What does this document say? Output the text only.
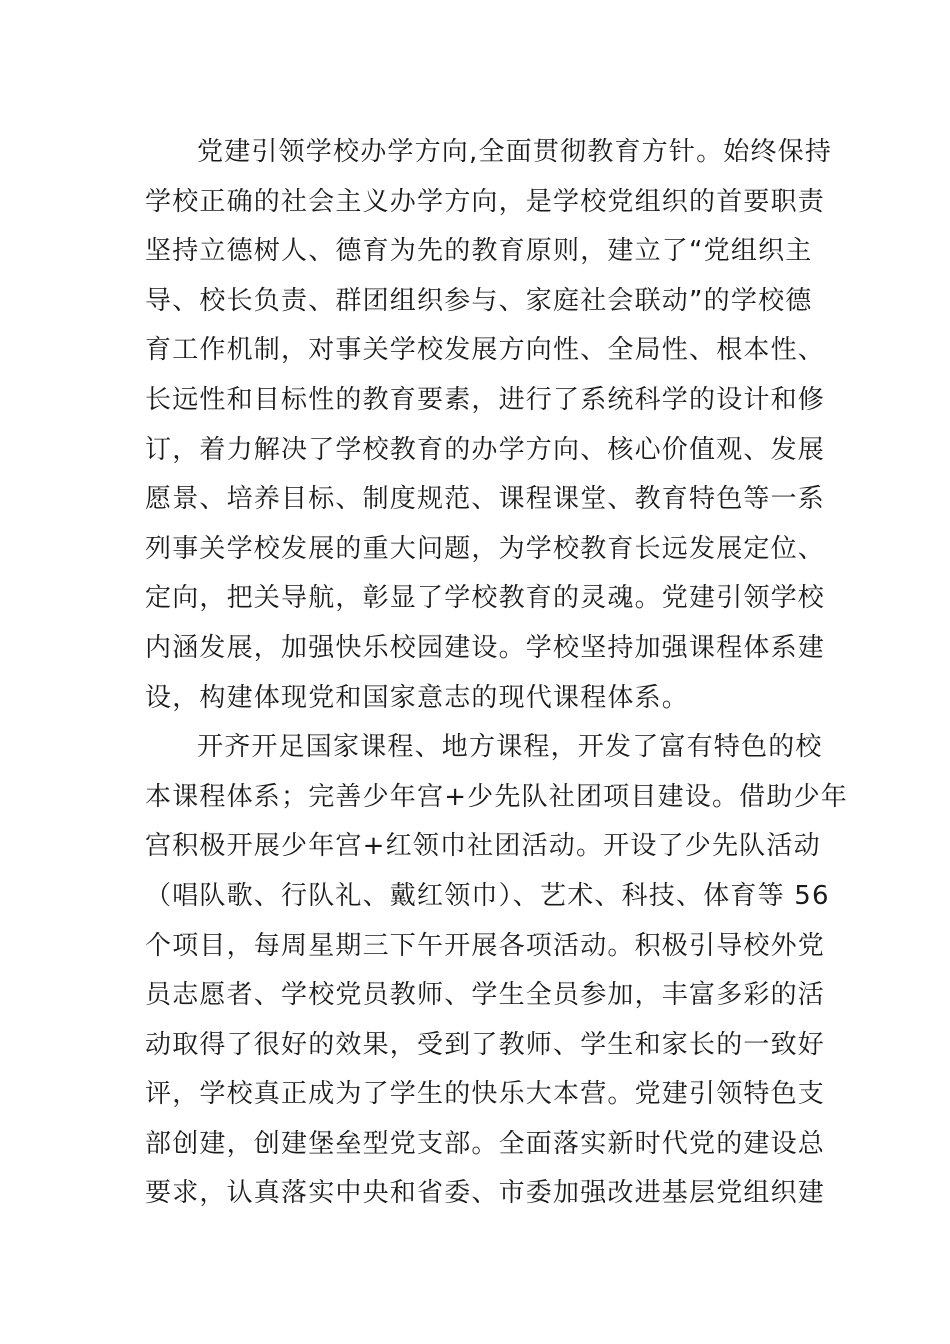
党建引领学校办学方向,全面贯彻教育方针。始终保持
学校正确的社会主义办学方向，是学校党组织的首要职责
坚持立德树人、德育为先的教育原则，建立了“党组织主
导、校长负责、群团组织参与、家庭社会联动”的学校德
育工作机制，对事关学校发展方向性、全局性、根本性、
长远性和目标性的教育要素，进行了系统科学的设计和修
订，着力解决了学校教育的办学方向、核心价值观、发展
愿景、培养目标、制度规范、课程课堂、教育特色等一系
列事关学校发展的重大问题，为学校教育长远发展定位、
定向，把关导航，彰显了学校教育的灵魂。党建引领学校
内涵发展，加强快乐校园建设。学校坚持加强课程体系建
设，构建体现党和国家意志的现代课程体系。
开齐开足国家课程、地方课程，开发了富有特色的校
本课程体系；完善少年宫+少先队社团项目建设。借助少年
宫积极开展少年宫+红领巾社团活动。开设了少先队活动
（唱队歌、行队礼、戴红领巾）、艺术、科技、体育等 56
个项目，每周星期三下午开展各项活动。积极引导校外党
员志愿者、学校党员教师、学生全员参加，丰富多彩的活
动取得了很好的效果，受到了教师、学生和家长的一致好
评，学校真正成为了学生的快乐大本营。党建引领特色支
部创建，创建堡垒型党支部。全面落实新时代党的建设总
要求，认真落实中央和省委、市委加强改进基层党组织建
